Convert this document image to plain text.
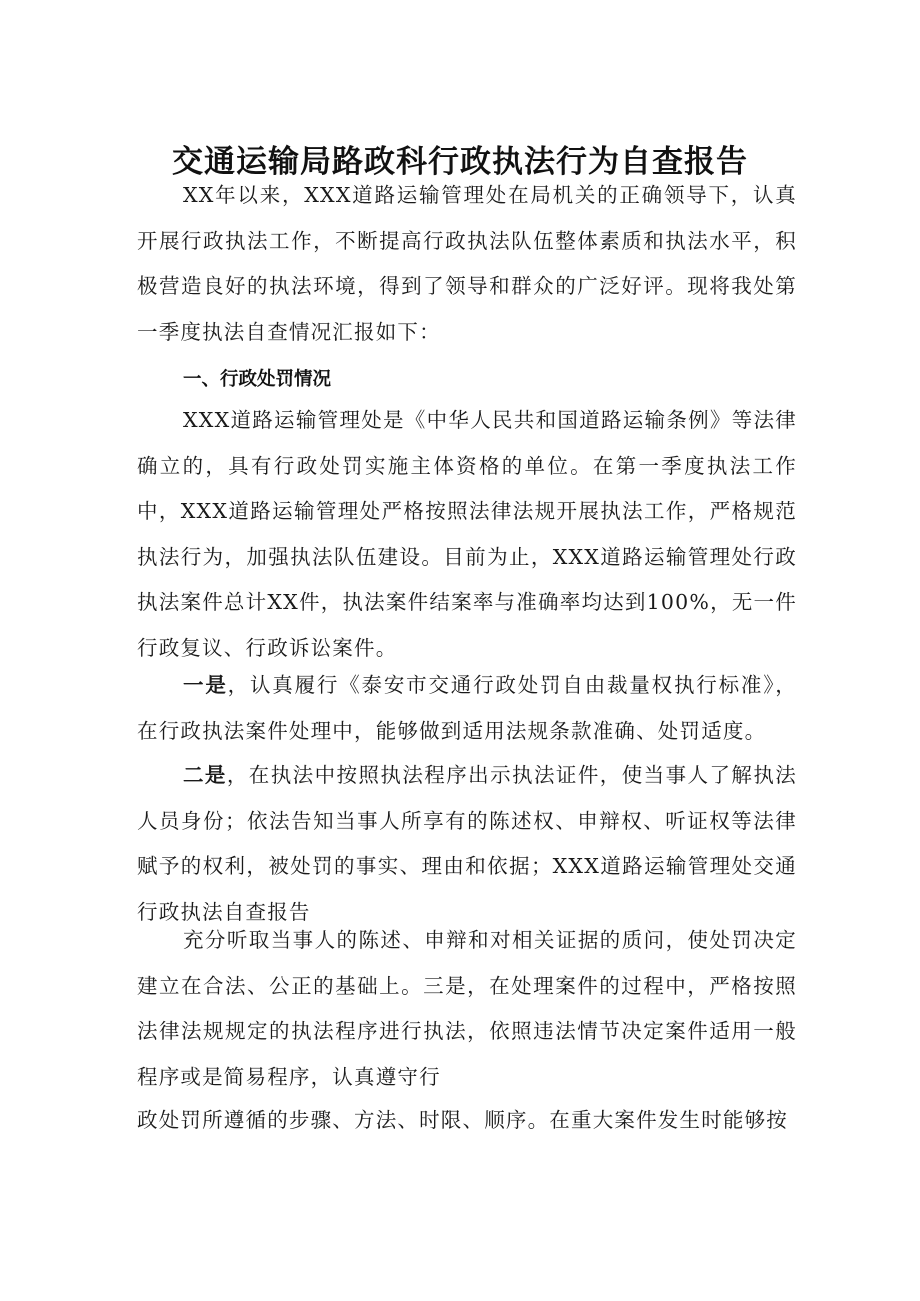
交通运输局路政科行政执法行为自查报告

XX年以来，XXX道路运输管理处在局机关的正确领导下，认真开展行政执法工作，不断提高行政执法队伍整体素质和执法水平，积极营造良好的执法环境，得到了领导和群众的广泛好评。现将我处第一季度执法自查情况汇报如下：

一、行政处罚情况

XXX道路运输管理处是《中华人民共和国道路运输条例》等法律确立的，具有行政处罚实施主体资格的单位。在第一季度执法工作中，XXX道路运输管理处严格按照法律法规开展执法工作，严格规范执法行为，加强执法队伍建设。目前为止，XXX道路运输管理处行政执法案件总计XX件，执法案件结案率与准确率均达到100%，无一件行政复议、行政诉讼案件。

一是，认真履行《泰安市交通行政处罚自由裁量权执行标准》，在行政执法案件处理中，能够做到适用法规条款准确、处罚适度。

二是，在执法中按照执法程序出示执法证件，使当事人了解执法人员身份；依法告知当事人所享有的陈述权、申辩权、听证权等法律赋予的权利，被处罚的事实、理由和依据；XXX道路运输管理处交通行政执法自查报告

充分听取当事人的陈述、申辩和对相关证据的质问，使处罚决定建立在合法、公正的基础上。三是，在处理案件的过程中，严格按照法律法规规定的执法程序进行执法，依照违法情节决定案件适用一般程序或是简易程序，认真遵守行

政处罚所遵循的步骤、方法、时限、顺序。在重大案件发生时能够按
